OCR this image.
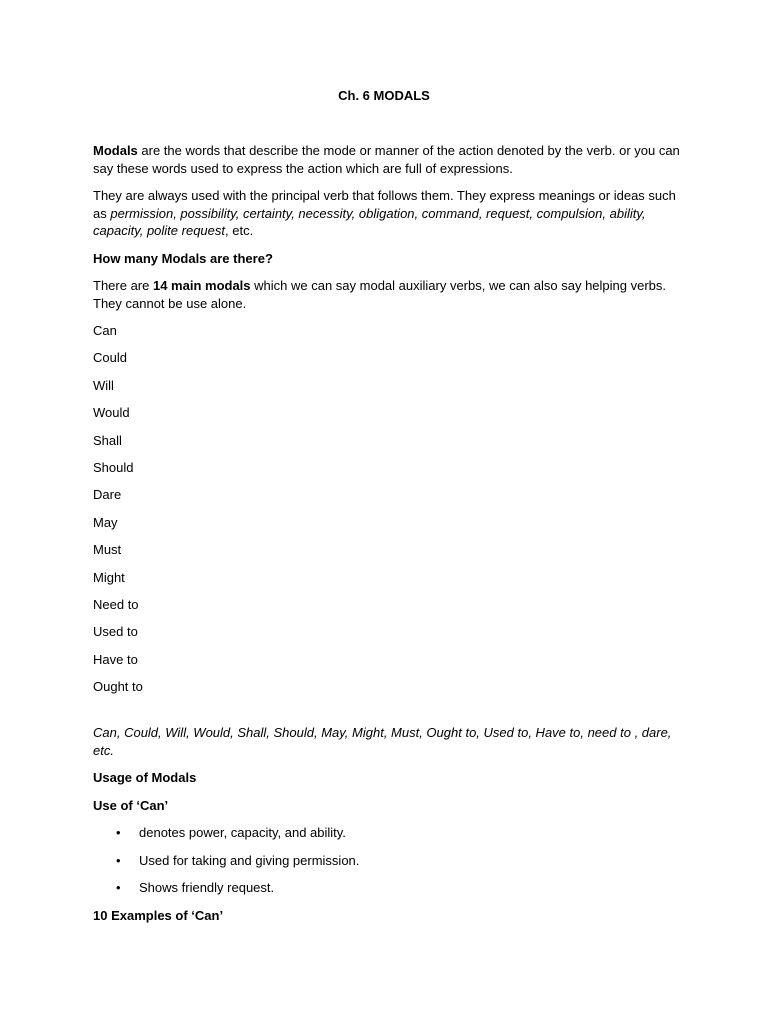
Ch. 6 MODALS

Modals are the words that describe the mode or manner of the action denoted by the verb. or you can say these words used to express the action which are full of expressions.

They are always used with the principal verb that follows them. They express meanings or ideas such as permission, possibility, certainty, necessity, obligation, command, request, compulsion, ability, capacity, polite request, etc.

How many Modals are there?

There are 14 main modals which we can say modal auxiliary verbs, we can also say helping verbs. They cannot be use alone.

Can
Could
Will
Would
Shall
Should
Dare
May
Must
Might
Need to
Used to
Have to
Ought to

Can, Could, Will, Would, Shall, Should, May, Might, Must, Ought to, Used to, Have to, need to , dare, etc.

Usage of Modals

Use of ‘Can’

• denotes power, capacity, and ability.
• Used for taking and giving permission.
• Shows friendly request.

10 Examples of ‘Can’
